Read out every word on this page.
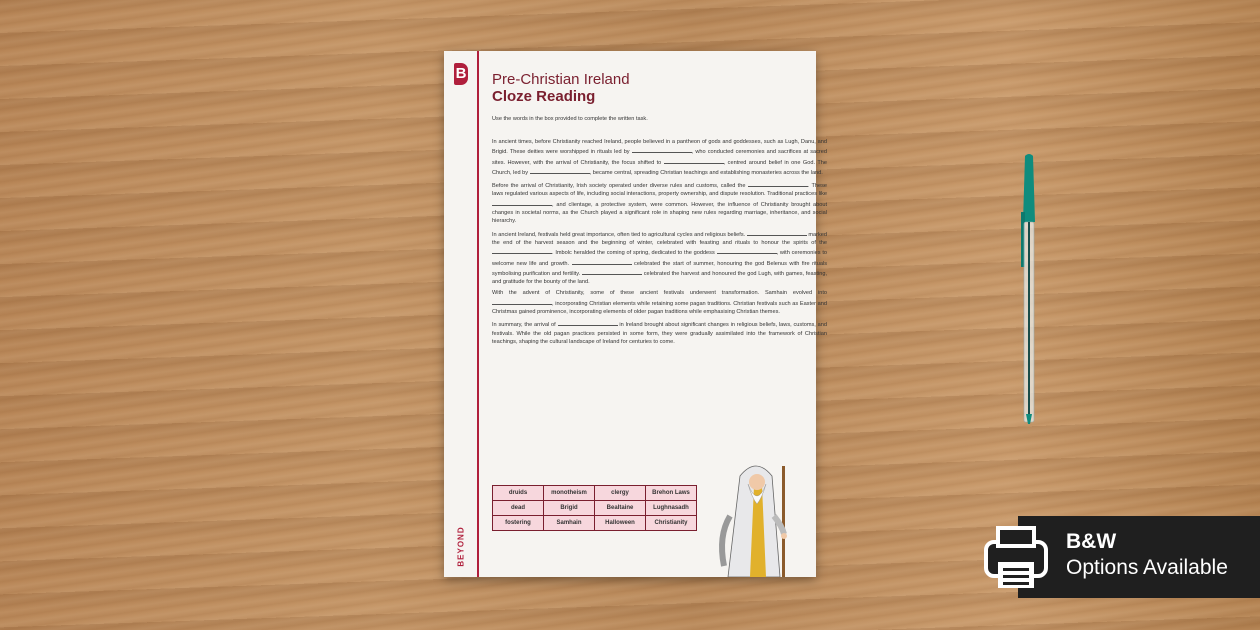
B
BEYOND
Pre-Christian Ireland
Cloze Reading
Use the words in the box provided to complete the written task.

In ancient times, before Christianity reached Ireland, people believed in a pantheon of gods and goddesses, such as Lugh, Danu, and Brigid. These deities were worshipped in rituals led by	, who conducted ceremonies and sacrifices at sacred sites. However, with the arrival of Christianity, the focus shifted to	, centred around belief in one God. The Church, led by	, became central, spreading Christian teachings and establishing monasteries across the land.

Before the arrival of Christianity, Irish society operated under diverse rules and customs, called the	. These laws regulated various aspects of life, including social interactions, property ownership, and dispute resolution. Traditional practices like , and clientage, a protective system, were common. However, the influence of Christianity brought about changes in societal norms, as the Church played a significant role in shaping new rules regarding marriage, inheritance, and social hierarchy.

In ancient Ireland, festivals held great importance, often tied to agricultural cycles and religious beliefs.	marked the end of the harvest season and the beginning of winter, celebrated with feasting and rituals to honour the spirits of the . Imbolc heralded the coming of spring, dedicated to the goddess	, with ceremonies to welcome new life and growth.	celebrated the start of summer, honouring the god Belenus with fire rituals symbolising purification and fertility.	celebrated the harvest and honoured the god Lugh, with games, feasting, and gratitude for the bounty of the land.

With the advent of Christianity, some of these ancient festivals underwent transformation. Samhain evolved into , incorporating Christian elements while retaining some pagan traditions. Christian festivals such as Easter and Christmas gained prominence, incorporating elements of older pagan traditions while emphasising Christian themes.

In summary, the arrival of	in Ireland brought about significant changes in religious beliefs, laws, customs, and festivals. While the old pagan practices persisted in some form, they were gradually assimilated into the framework of Christian teachings, shaping the cultural landscape of Ireland for centuries to come.

druids	monotheism	clergy	Brehon Laws
dead	Brigid	Bealtaine	Lughnasadh
fostering	Samhain	Halloween	Christianity
B&W
Options Available
